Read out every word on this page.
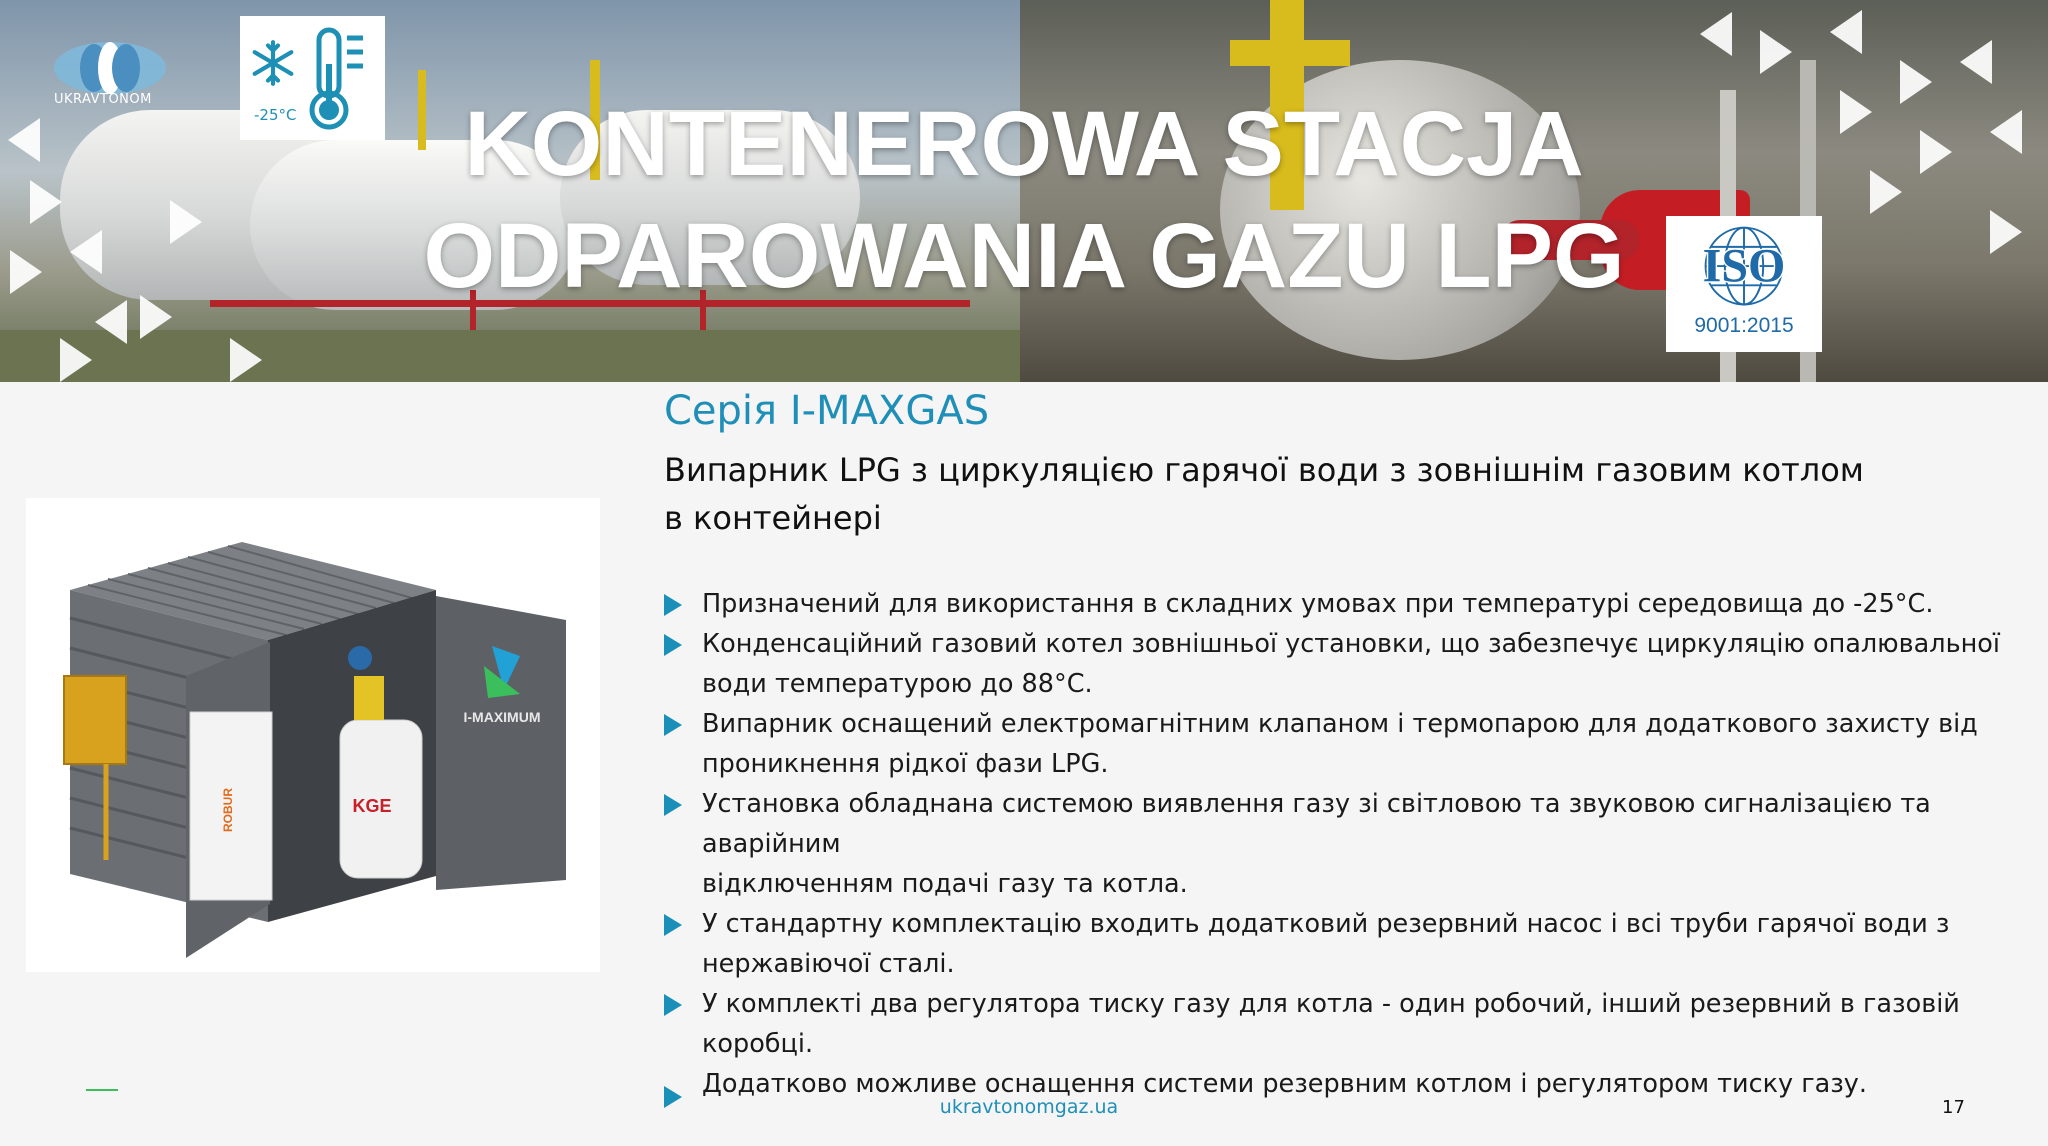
UKRAVTONOM
-25°C	KONTENEROWA STACJA
ODPAROWANIA GAZU LPG	ISO
9001:2015
I-MAXIMUM
ROBUR	KGE
Серія I-MAXGAS

Випарник LPG з циркуляцією гарячої води з зовнішнім газовим котлом
в контейнері

Призначений для використання в складних умовах при температурі середовища до -25°C.
Конденсаційний газовий котел зовнішньої установки, що забезпечує циркуляцію опалювальної
води температурою до 88°C.
Випарник оснащений електромагнітним клапаном і термопарою для додаткового захисту від
проникнення рідкої фази LPG.
Установка обладнана системою виявлення газу зі світловою та звуковою сигналізацією та аварійним
відключенням подачі газу та котла.
У стандартну комплектацію входить додатковий резервний насос і всі труби гарячої води з
нержавіючої сталі.
У комплекті два регулятора тиску газу для котла - один робочий, інший резервний в газовій коробці.
Додатково можливе оснащення системи резервним котлом і регулятором тиску газу.
ukravtonomgaz.ua	17
